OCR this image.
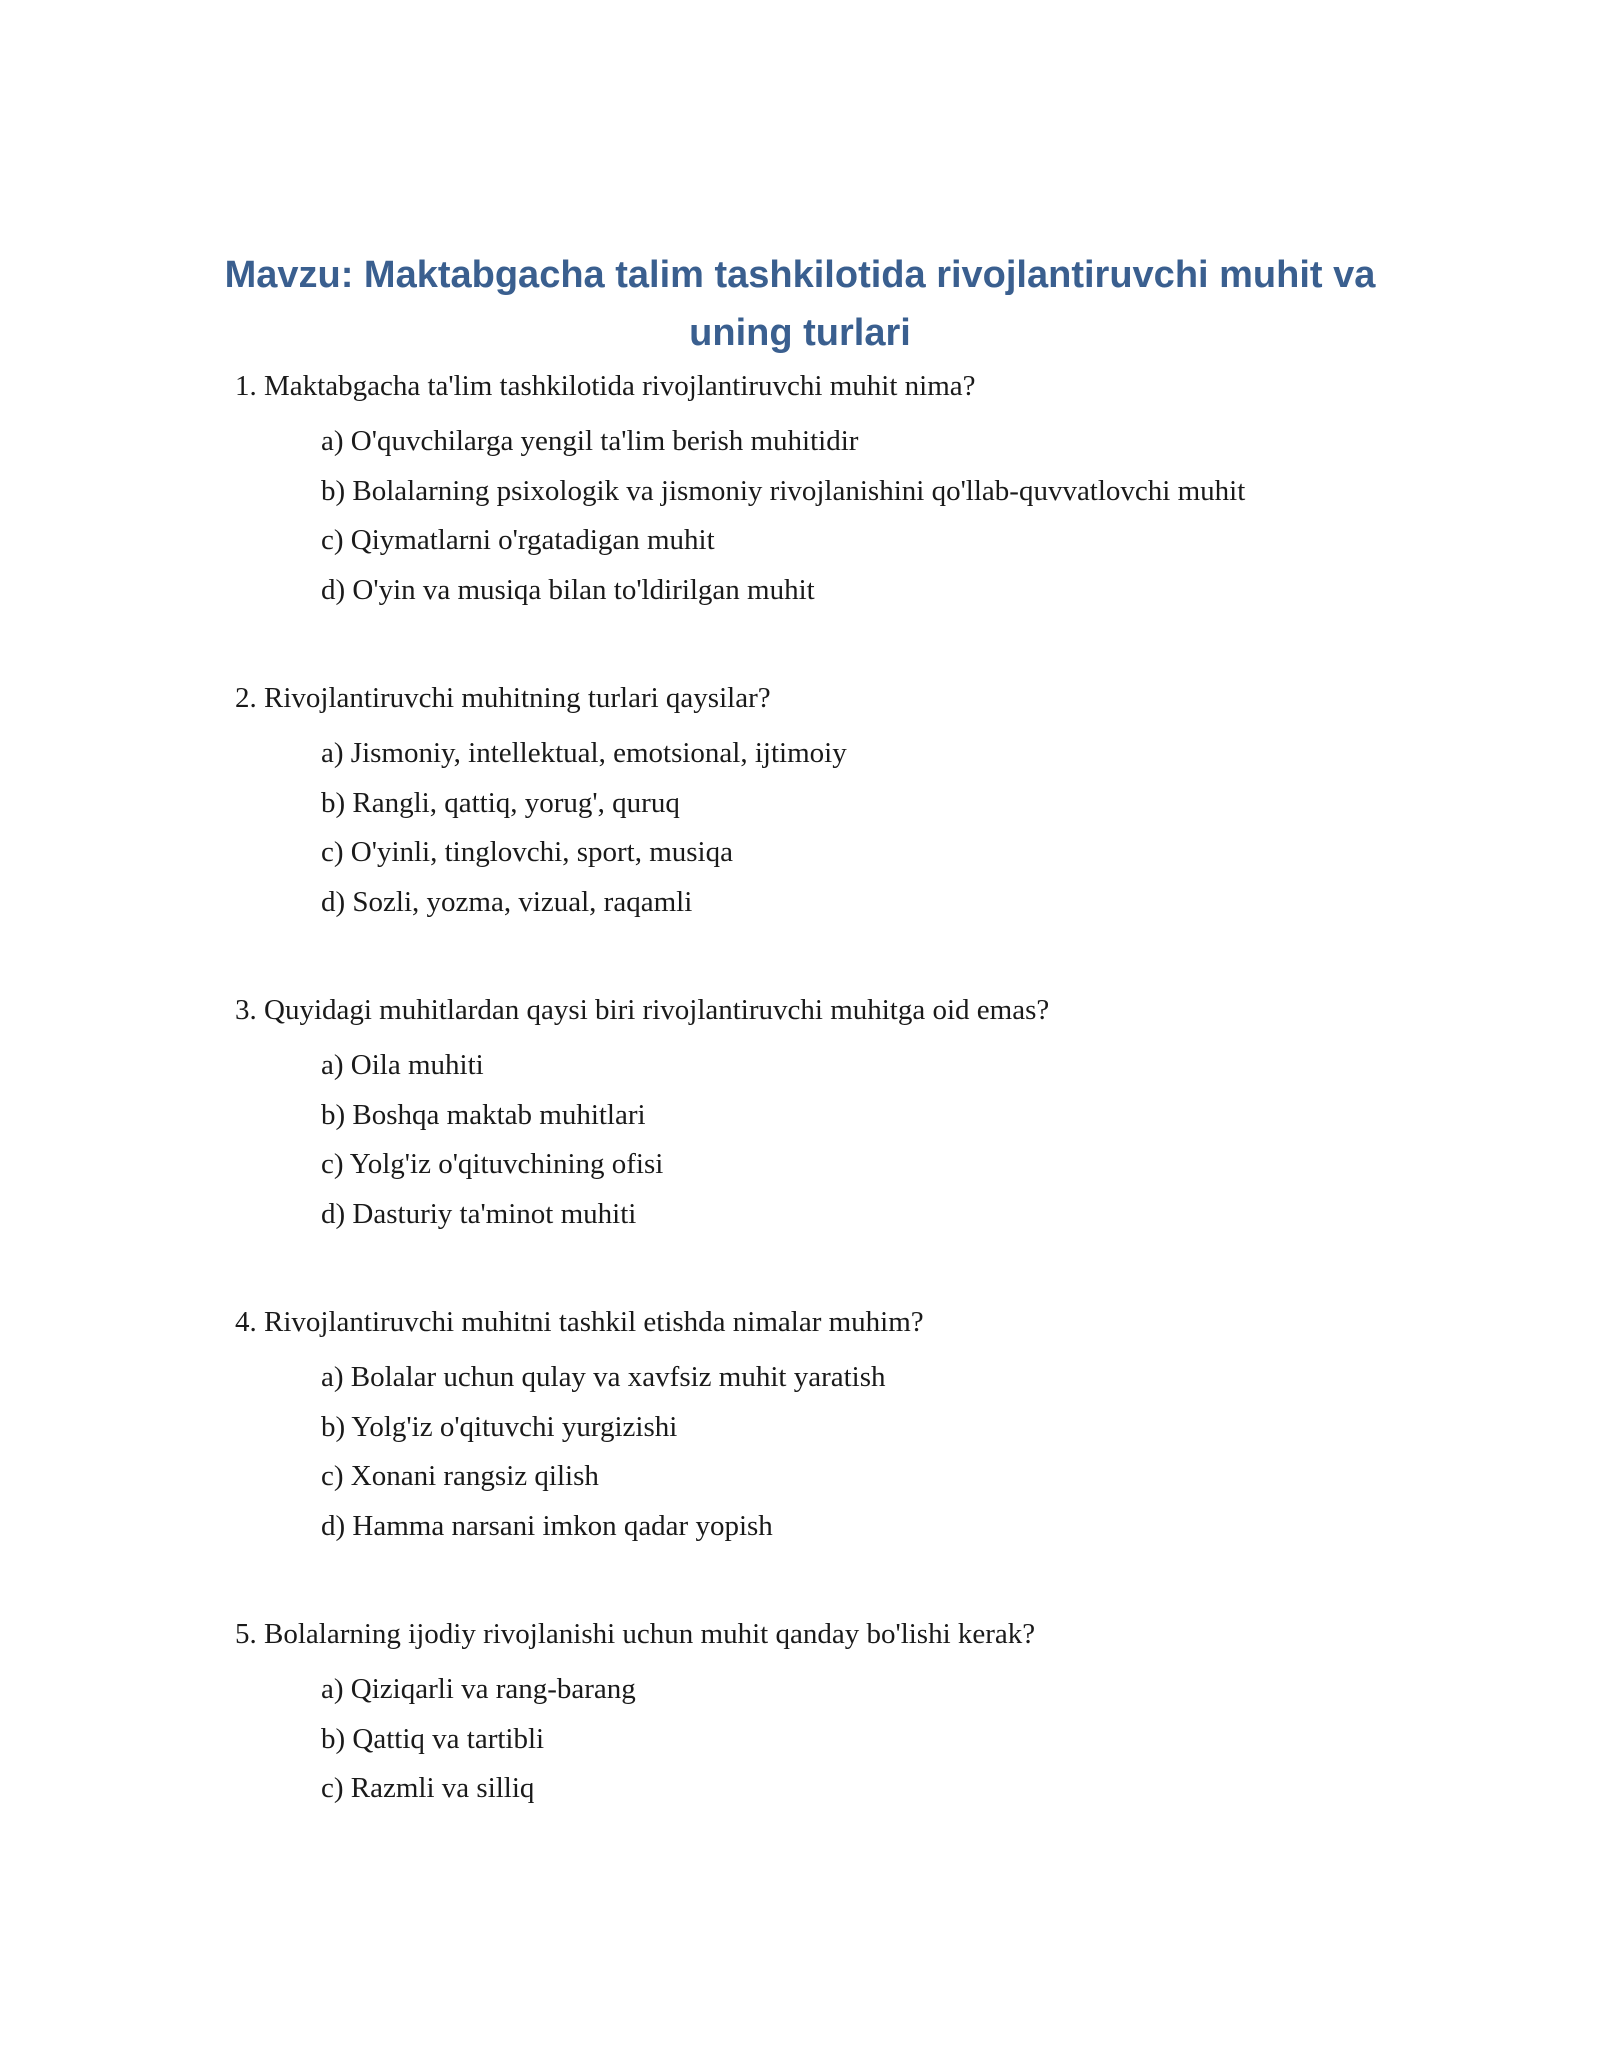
Mavzu: Maktabgacha talim tashkilotida rivojlantiruvchi muhit va uning turlari

1. Maktabgacha ta'lim tashkilotida rivojlantiruvchi muhit nima?

a) O'quvchilarga yengil ta'lim berish muhitidir
b) Bolalarning psixologik va jismoniy rivojlanishini qo'llab-quvvatlovchi muhit
c) Qiymatlarni o'rgatadigan muhit
d) O'yin va musiqa bilan to'ldirilgan muhit

2. Rivojlantiruvchi muhitning turlari qaysilar?

a) Jismoniy, intellektual, emotsional, ijtimoiy
b) Rangli, qattiq, yorug', quruq
c) O'yinli, tinglovchi, sport, musiqa
d) Sozli, yozma, vizual, raqamli

3. Quyidagi muhitlardan qaysi biri rivojlantiruvchi muhitga oid emas?

a) Oila muhiti
b) Boshqa maktab muhitlari
c) Yolg'iz o'qituvchining ofisi
d) Dasturiy ta'minot muhiti

4. Rivojlantiruvchi muhitni tashkil etishda nimalar muhim?

a) Bolalar uchun qulay va xavfsiz muhit yaratish
b) Yolg'iz o'qituvchi yurgizishi
c) Xonani rangsiz qilish
d) Hamma narsani imkon qadar yopish

5. Bolalarning ijodiy rivojlanishi uchun muhit qanday bo'lishi kerak?

a) Qiziqarli va rang-barang
b) Qattiq va tartibli
c) Razmli va silliq
